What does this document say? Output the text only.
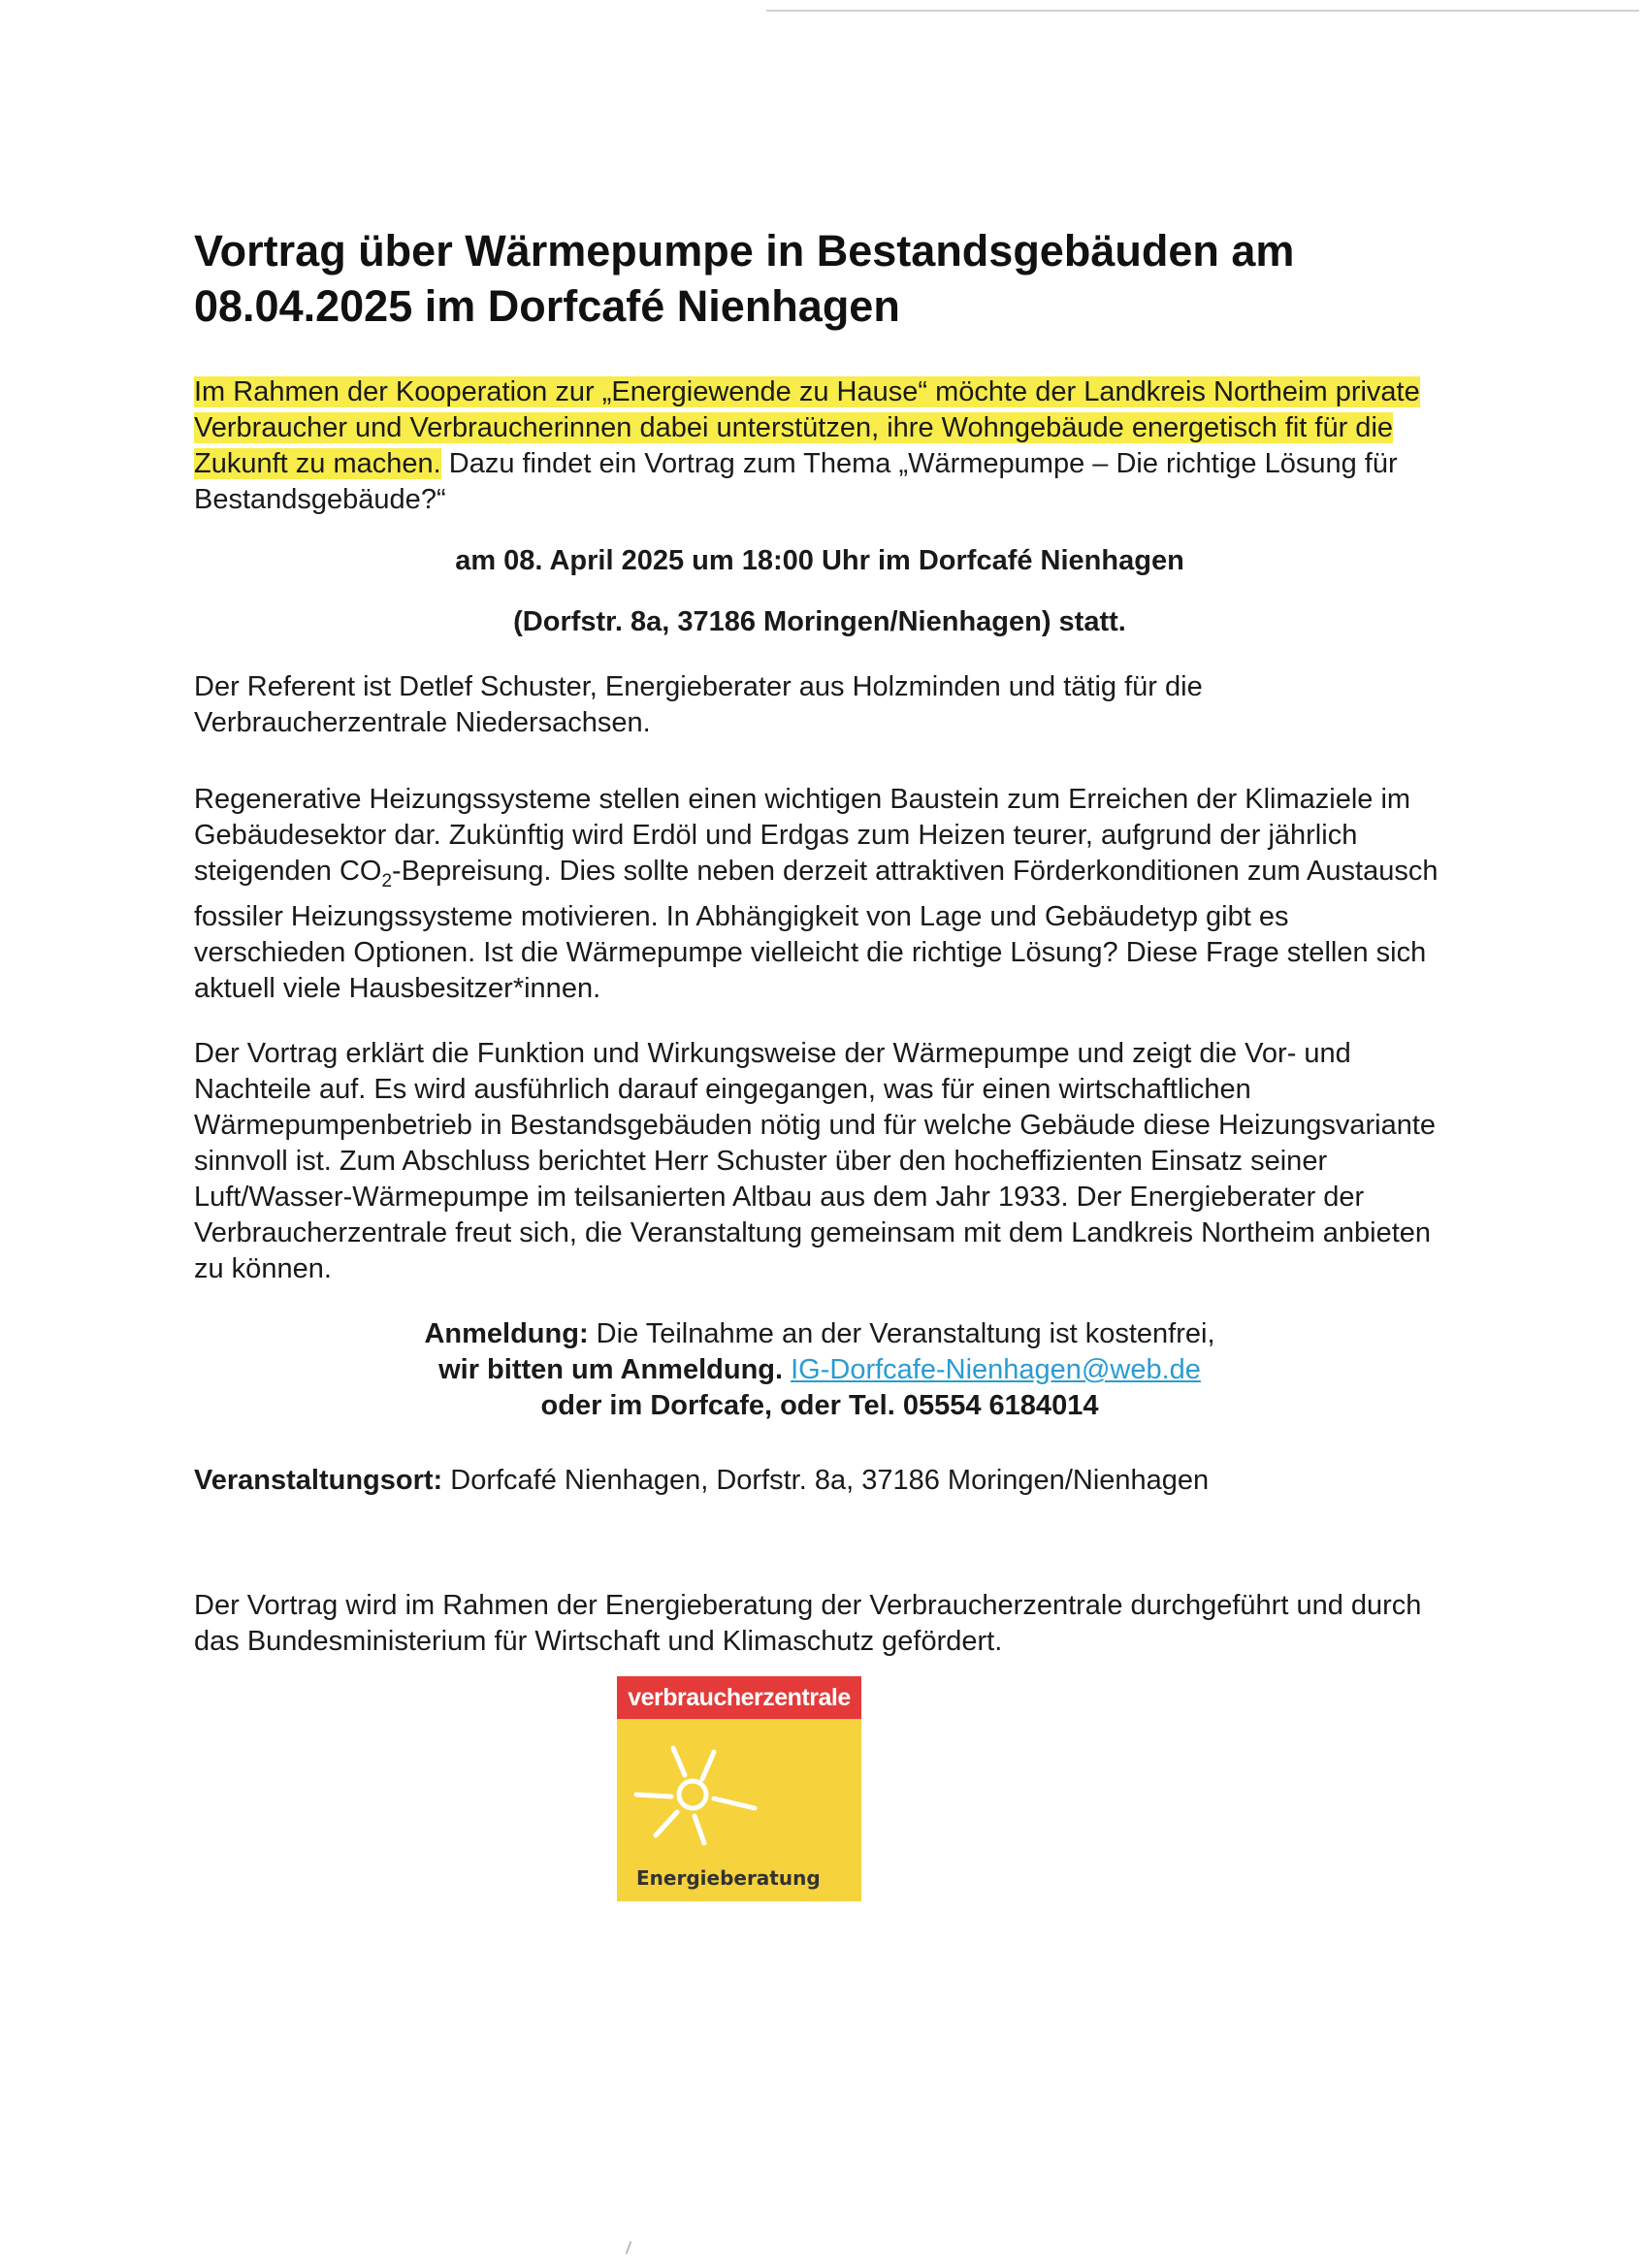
Vortrag über Wärmepumpe in Bestandsgebäuden am
08.04.2025 im Dorfcafé Nienhagen

Im Rahmen der Kooperation zur „Energiewende zu Hause“ möchte der Landkreis Northeim private Verbraucher und Verbraucherinnen dabei unterstützen, ihre Wohngebäude energetisch fit für die Zukunft zu machen. Dazu findet ein Vortrag zum Thema „Wärmepumpe – Die richtige Lösung für Bestandsgebäude?“

am 08. April 2025 um 18:00 Uhr im Dorfcafé Nienhagen

(Dorfstr. 8a, 37186 Moringen/Nienhagen) statt.

Der Referent ist Detlef Schuster, Energieberater aus Holzminden und tätig für die Verbraucherzentrale Niedersachsen.

Regenerative Heizungssysteme stellen einen wichtigen Baustein zum Erreichen der Klimaziele im Gebäudesektor dar. Zukünftig wird Erdöl und Erdgas zum Heizen teurer, aufgrund der jährlich steigenden $CO_2$-Bepreisung. Dies sollte neben derzeit attraktiven Förderkonditionen zum Austausch fossiler Heizungssysteme motivieren. In Abhängigkeit von Lage und Gebäudetyp gibt es verschieden Optionen. Ist die Wärmepumpe vielleicht die richtige Lösung? Diese Frage stellen sich aktuell viele Hausbesitzer*innen.

Der Vortrag erklärt die Funktion und Wirkungsweise der Wärmepumpe und zeigt die Vor- und Nachteile auf. Es wird ausführlich darauf eingegangen, was für einen wirtschaftlichen Wärmepumpenbetrieb in Bestandsgebäuden nötig und für welche Gebäude diese Heizungsvariante sinnvoll ist. Zum Abschluss berichtet Herr Schuster über den hocheffizienten Einsatz seiner Luft/Wasser-Wärmepumpe im teilsanierten Altbau aus dem Jahr 1933. Der Energieberater der Verbraucherzentrale freut sich, die Veranstaltung gemeinsam mit dem Landkreis Northeim anbieten zu können.

Anmeldung: Die Teilnahme an der Veranstaltung ist kostenfrei,
wir bitten um Anmeldung. IG-Dorfcafe-Nienhagen@web.de
oder im Dorfcafe, oder Tel. 05554 6184014

Veranstaltungsort: Dorfcafé Nienhagen, Dorfstr. 8a, 37186 Moringen/Nienhagen

Der Vortrag wird im Rahmen der Energieberatung der Verbraucherzentrale durchgeführt und durch das Bundesministerium für Wirtschaft und Klimaschutz gefördert.

verbraucherzentrale
Energieberatung
